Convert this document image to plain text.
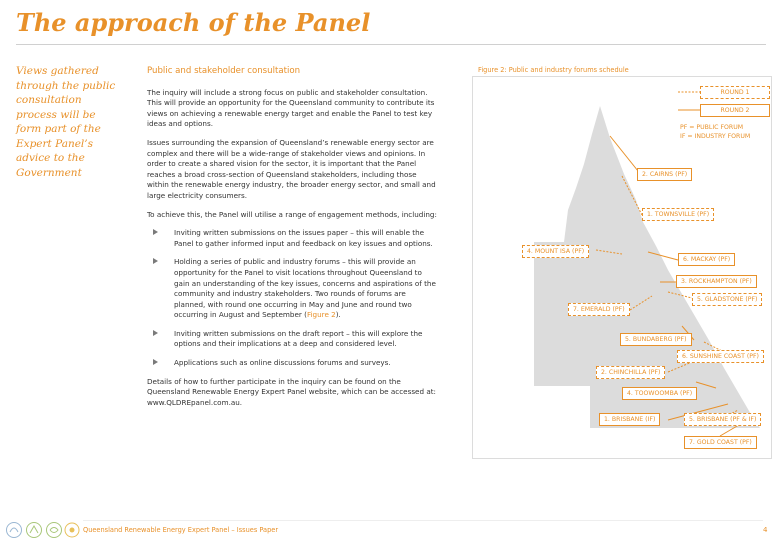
The approach of the Panel
Views gathered through the public consultation process will be form part of the Expert Panel’s advice to the Government
Public and stakeholder consultation

The inquiry will include a strong focus on public and stakeholder consultation. This will provide an opportunity for the Queensland community to contribute its views on achieving a renewable energy target and enable the Panel to test key ideas and options.

Issues surrounding the expansion of Queensland’s renewable energy sector are complex and there will be a wide-range of stakeholder views and opinions. In order to create a shared vision for the sector, it is important that the Panel reaches a broad cross-section of Queensland stakeholders, including those within the renewable energy industry, the broader energy sector, and small and large electricity consumers.

To achieve this, the Panel will utilise a range of engagement methods, including:

Inviting written submissions on the issues paper – this will enable the Panel to gather informed input and feedback on key issues and options.
Holding a series of public and industry forums – this will provide an opportunity for the Panel to visit locations throughout Queensland to gain an understanding of the key issues, concerns and aspirations of the community and industry stakeholders. Two rounds of forums are planned, with round one occurring in May and June and round two occurring in August and September (Figure 2).
Inviting written submissions on the draft report – this will explore the options and their implications at a deep and considered level.
Applications such as online discussions forums and surveys.

Details of how to further participate in the inquiry can be found on the Queensland Renewable Energy Expert Panel website, which can be accessed at: www.QLDREpanel.com.au.

Figure 2: Public and industry forums schedule
ROUND 1
ROUND 2
PF = PUBLIC FORUM
IF = INDUSTRY FORUM
2. CAIRNS (PF)
1. TOWNSVILLE (PF)
4. MOUNT ISA (PF)
6. MACKAY (PF)
3. ROCKHAMPTON (PF)
5. GLADSTONE (PF)
7. EMERALD (PF)
5. BUNDABERG (PF)
6. SUNSHINE COAST (PF)
2. CHINCHILLA (PF)
4. TOOWOOMBA (PF)
1. BRISBANE (IF)	5. BRISBANE (PF & IF)
7. GOLD COAST (PF)
Queensland Renewable Energy Expert Panel – Issues Paper	4
